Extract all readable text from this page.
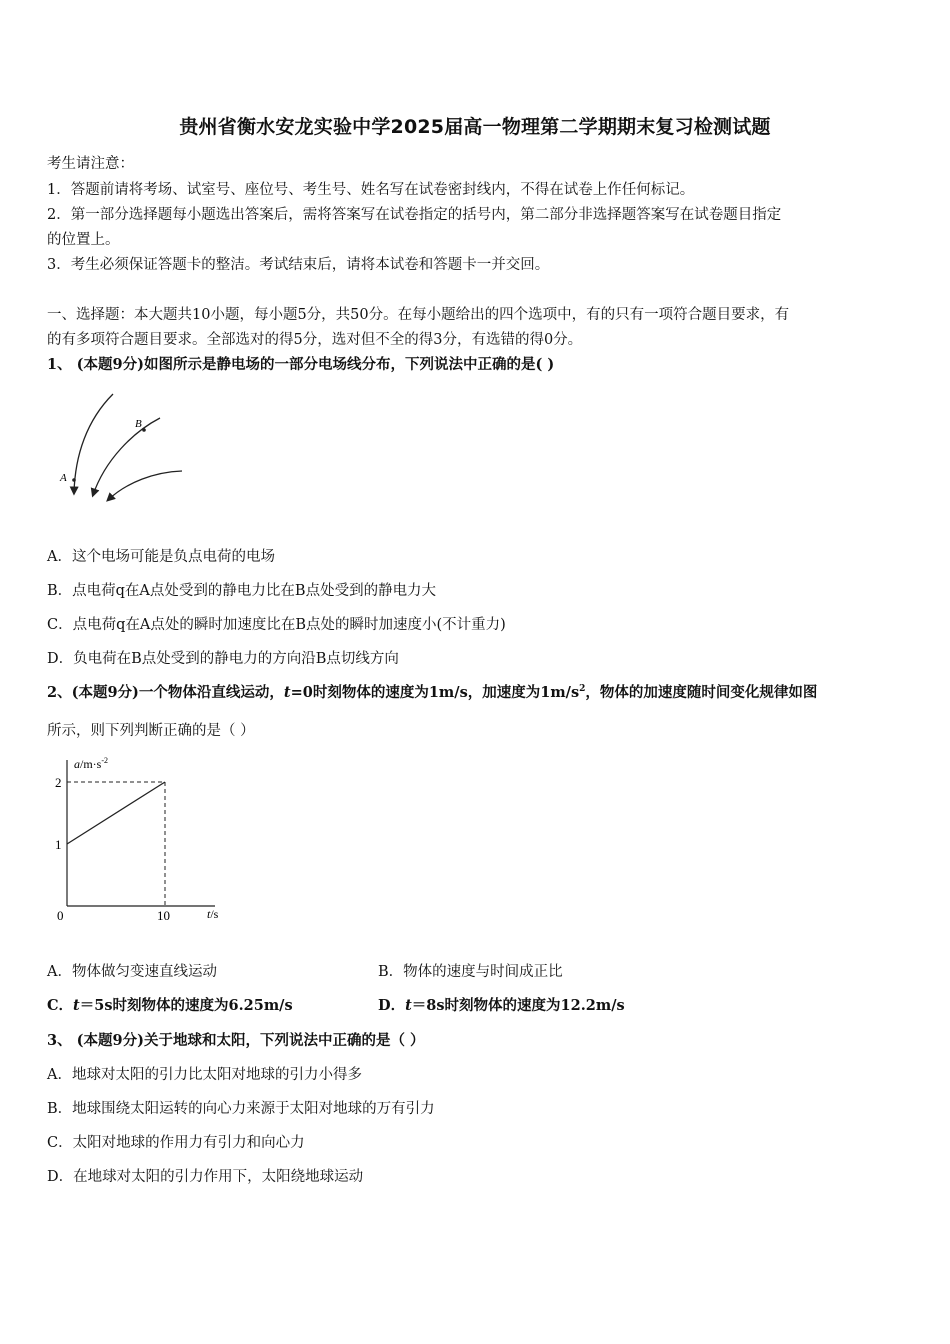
贵州省衡水安龙实验中学2025届高一物理第二学期期末复习检测试题
考生请注意：
1．答题前请将考场、试室号、座位号、考生号、姓名写在试卷密封线内，不得在试卷上作任何标记。
2．第一部分选择题每小题选出答案后，需将答案写在试卷指定的括号内，第二部分非选择题答案写在试卷题目指定
的位置上。
3．考生必须保证答题卡的整洁。考试结束后，请将本试卷和答题卡一并交回。
一、选择题：本大题共10小题，每小题5分，共50分。在每小题给出的四个选项中，有的只有一项符合题目要求，有
的有多项符合题目要求。全部选对的得5分，选对但不全的得3分，有选错的得0分。
1、 (本题9分)如图所示是静电场的一部分电场线分布，下列说法中正确的是( )
A
B
A．这个电场可能是负点电荷的电场
B．点电荷q在A点处受到的静电力比在B点处受到的静电力大
C．点电荷q在A点处的瞬时加速度比在B点处的瞬时加速度小(不计重力)
D．负电荷在B点处受到的静电力的方向沿B点切线方向
2、(本题9分)一个物体沿直线运动，t=0时刻物体的速度为1m/s，加速度为$1m/s^2$，物体的加速度随时间变化规律如图
所示，则下列判断正确的是（ ）
1
2
0	10
$a/m\cdot s^{-2}$
t/s
A．物体做匀变速直线运动	B．物体的速度与时间成正比
C．t＝5s时刻物体的速度为6.25m/s	D．t＝8s时刻物体的速度为12.2m/s
3、 (本题9分)关于地球和太阳，下列说法中正确的是（ ）
A．地球对太阳的引力比太阳对地球的引力小得多
B．地球围绕太阳运转的向心力来源于太阳对地球的万有引力
C．太阳对地球的作用力有引力和向心力
D．在地球对太阳的引力作用下，太阳绕地球运动
